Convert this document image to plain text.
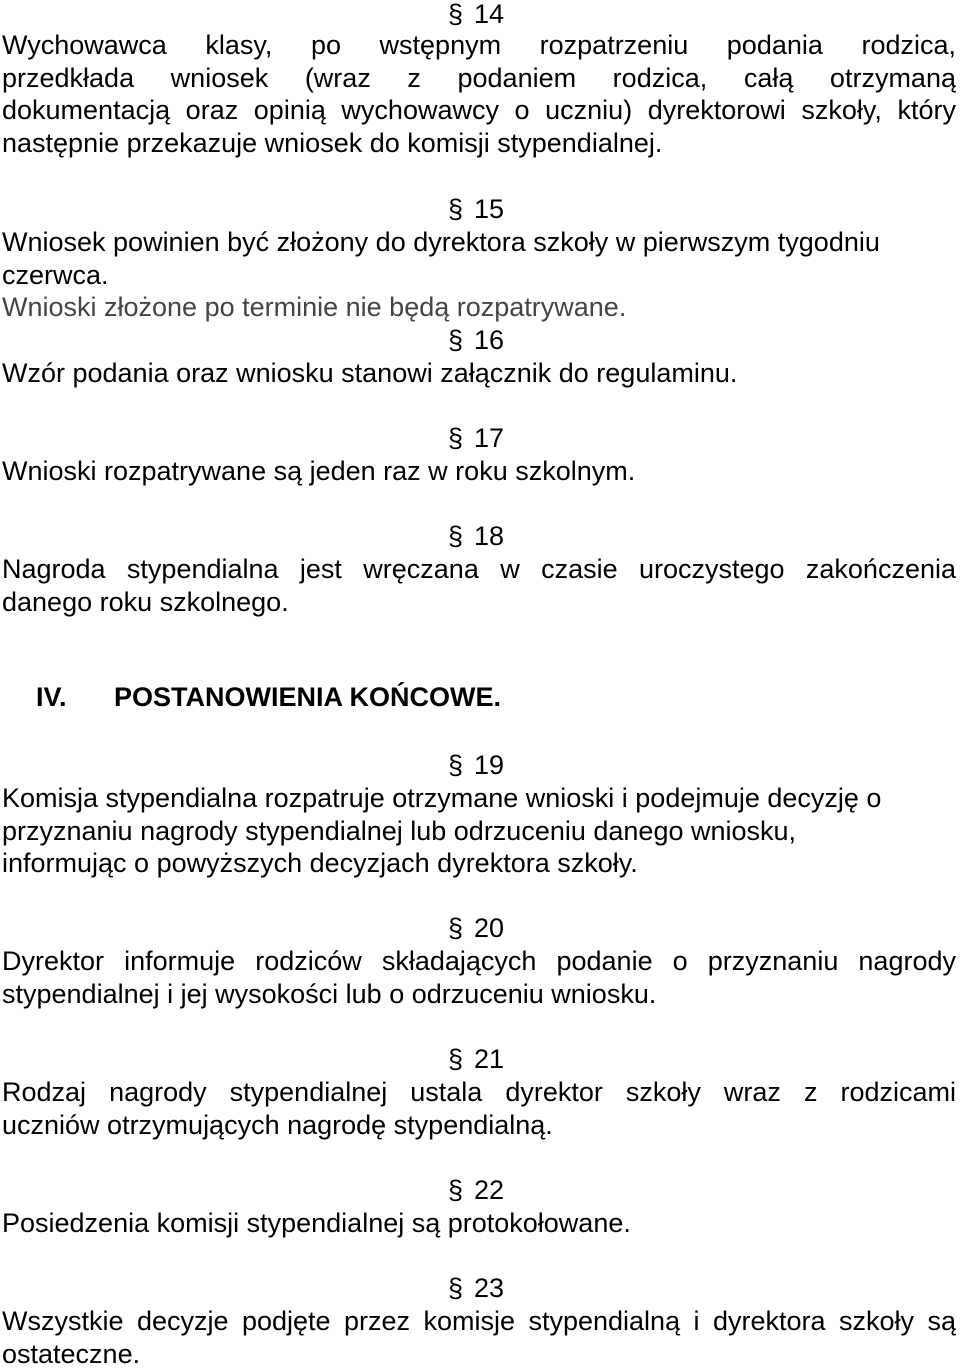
§ 14
Wychowawca klasy, po wstępnym rozpatrzeniu podania rodzica,
przedkłada wniosek (wraz z podaniem rodzica, całą otrzymaną
dokumentacją oraz opinią wychowawcy o uczniu) dyrektorowi szkoły, który
następnie przekazuje wniosek do komisji stypendialnej.
§ 15
Wniosek powinien być złożony do dyrektora szkoły w pierwszym tygodniu
czerwca.
Wnioski złożone po terminie nie będą rozpatrywane.
§ 16
Wzór podania oraz wniosku stanowi załącznik do regulaminu.
§ 17
Wnioski rozpatrywane są jeden raz w roku szkolnym.
§ 18
Nagroda stypendialna jest wręczana w czasie uroczystego zakończenia
danego roku szkolnego.
IV. POSTANOWIENIA KOŃCOWE.
§ 19
Komisja stypendialna rozpatruje otrzymane wnioski i podejmuje decyzję o
przyznaniu nagrody stypendialnej lub odrzuceniu danego wniosku,
informując o powyższych decyzjach dyrektora szkoły.
§ 20
Dyrektor informuje rodziców składających podanie o przyznaniu nagrody
stypendialnej i jej wysokości lub o odrzuceniu wniosku.
§ 21
Rodzaj nagrody stypendialnej ustala dyrektor szkoły wraz z rodzicami
uczniów otrzymujących nagrodę stypendialną.
§ 22
Posiedzenia komisji stypendialnej są protokołowane.
§ 23
Wszystkie decyzje podjęte przez komisje stypendialną i dyrektora szkoły są
ostateczne.
